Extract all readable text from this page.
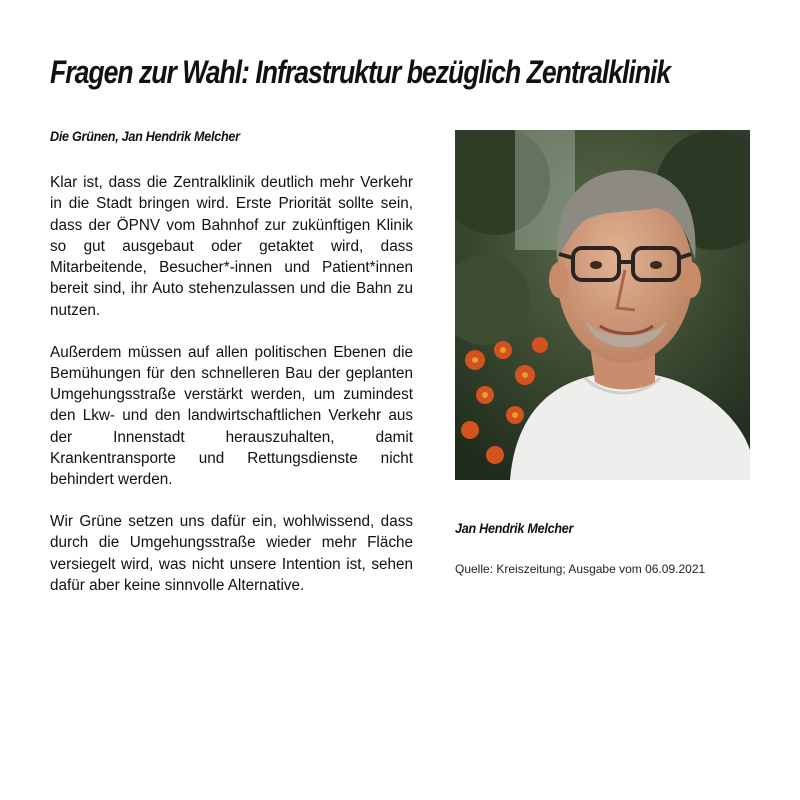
Fragen zur Wahl: Infrastruktur bezüglich Zentralklinik
Die Grünen, Jan Hendrik Melcher

Klar ist, dass die Zentralklinik deutlich mehr Verkehr in die Stadt bringen wird. Erste Priorität sollte sein, dass der ÖPNV vom Bahnhof zur zukünftigen Klinik so gut ausgebaut oder getaktet wird, dass Mitarbeitende, Besucher*-innen und Patient*innen bereit sind, ihr Auto stehenzulassen und die Bahn zu nutzen.

Außerdem müssen auf allen politischen Ebenen die Bemühungen für den schnelleren Bau der geplanten Umgehungsstraße verstärkt werden, um zumindest den Lkw- und den landwirtschaftlichen Verkehr aus der Innenstadt herauszuhalten, damit Krankentransporte und Rettungsdienste nicht behindert werden.

Wir Grüne setzen uns dafür ein, wohlwissend, dass durch die Umgehungsstraße wieder mehr Fläche versiegelt wird, was nicht unsere Intention ist, sehen dafür aber keine sinnvolle Alternative.

Jan Hendrik Melcher
Quelle: Kreiszeitung; Ausgabe vom 06.09.2021
